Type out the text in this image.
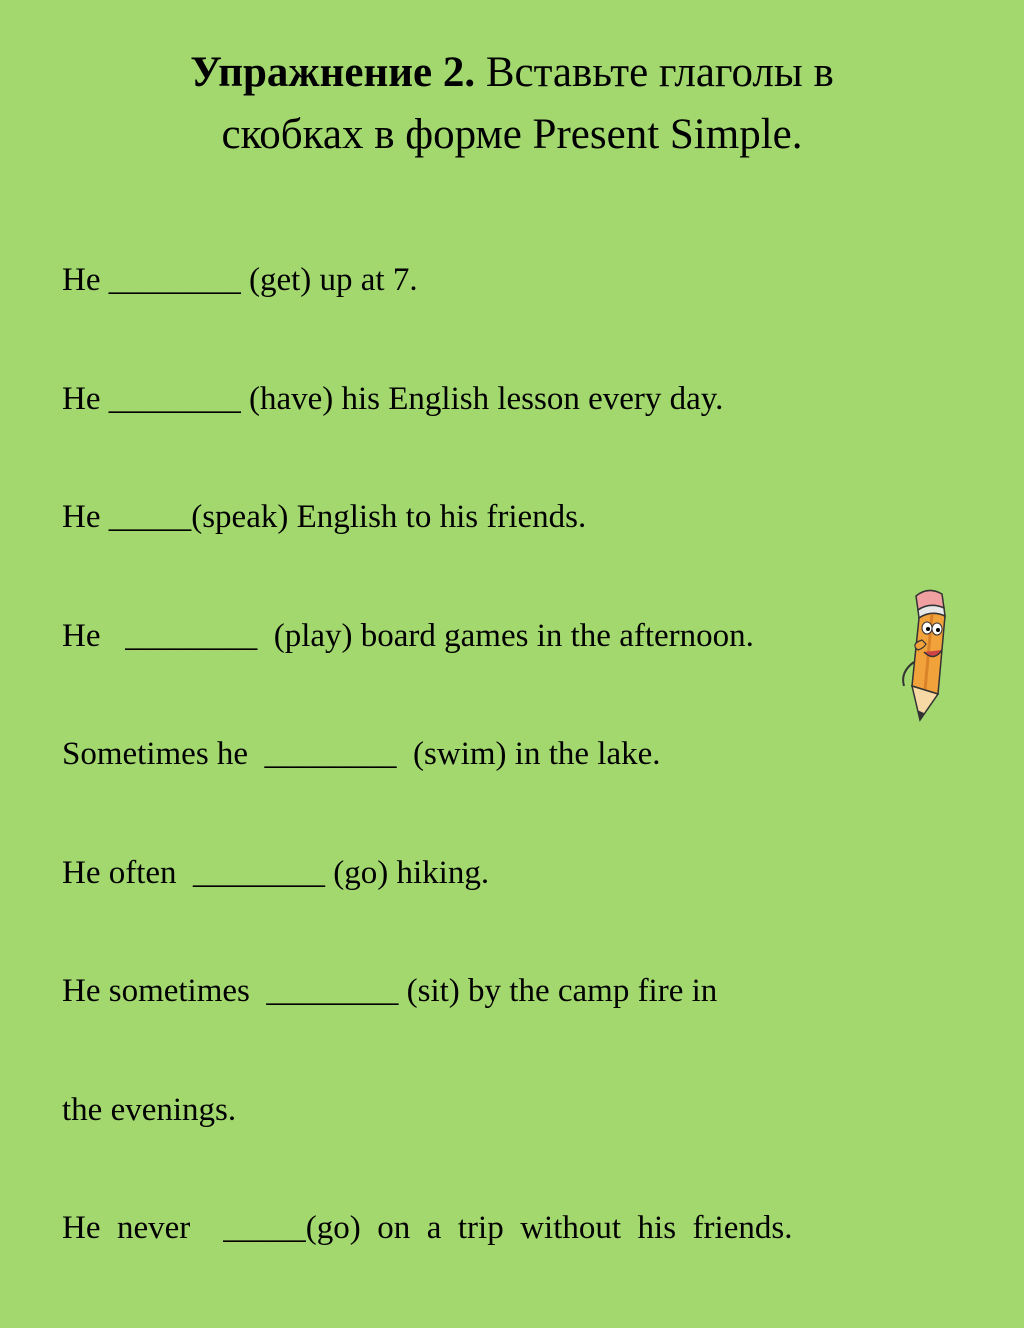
Упражнение 2. Вставьте глаголы в
скобках в форме Present Simple.

He ________ (get) up at 7.

He ________ (have) his English lesson every day.

He _____(speak) English to his friends.

He   ________  (play) board games in the afternoon.

Sometimes he  ________  (swim) in the lake.

He often  ________ (go) hiking.

He sometimes  ________ (sit) by the camp fire in

the evenings.

He  never    _____(go)  on  a  trip  without  his  friends.
